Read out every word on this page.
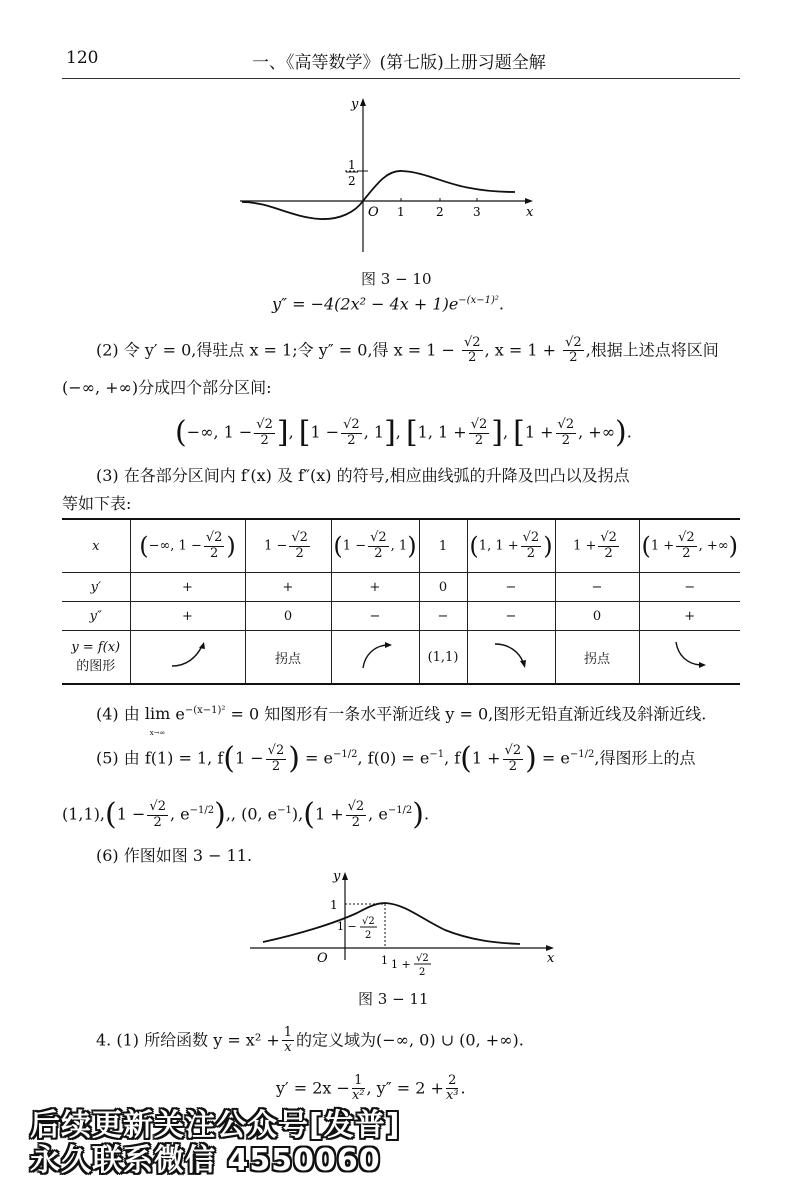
120	一、《高等数学》(第七版)上册习题全解
1
2
y
x
O 1	2 3
图 3 − 10
$y'' = -4(2x^2 - 4x + 1)e^{-(x-1)^2}$.
(2) 令 y′ = 0,得驻点 x = 1;令 y″ = 0,得 $x = 1 - \frac{√2}{2}$ , $x = 1 + \frac{√2}{2}$ ,根据上述点将区间
(−∞, +∞)分成四个部分区间:
(−∞, $1 - \frac{√2}{2}$ ], [$1 - \frac{√2}{2}$ , 1], [1, $1 + \frac{√2}{2}$ ], [$1 + \frac{√2}{2}$ , +∞).
(3) 在各部分区间内 f′(x) 及 f″(x) 的符号,相应曲线弧的升降及凹凸以及拐点
等如下表:
x	(−∞, $1 - \frac{√2}{2}$ )	$1 - \frac{√2}{2}$	($1 - \frac{√2}{2}$ , 1)	1	(1, $1 + \frac{√2}{2}$ )	$1 + \frac{√2}{2}$	($1 + \frac{√2}{2}$ , +∞)
y′	+	+	+	0	−	−	−
y″	+	0	−	−	−	0	+

y = f(x)
的图形		拐点		(1,1)		拐点	
(4) 由 lim
x→∞ $e^{-(x-1)^2} = 0$ 知图形有一条水平渐近线 y = 0,图形无铅直渐近线及斜渐近线.
(5) 由 f(1) = 1, $f(1 - \frac{√2}{2}$ ) = $e^{-1/2}$, $f(0) = e^{-1}$, $f(1 + \frac{√2}{2}$ ) = $e^{-1/2}$,得图形上的点
$(1,1),(1 - \frac{√2}{2}$ , $e^{-1/2}$),, (0, $e^{-1}),(1 + \frac{√2}{2}$ , $e^{-1/2}$).
(6) 作图如图 3 − 11.
1
y
x
O
1 − √2
2
1 1 + √2
2
图 3 − 11
4. (1) 所给函数 $y = x^2 + \frac{1}{x}$ 的定义域为(−∞, 0) ∪ (0, +∞).
$y' = 2x - \frac{1}{\text{x²}}$ , $y'' = 2 + \frac{2}{\text{x³}}$ .
后续更新关注公众号[发普]
永久联系微信 4550060
